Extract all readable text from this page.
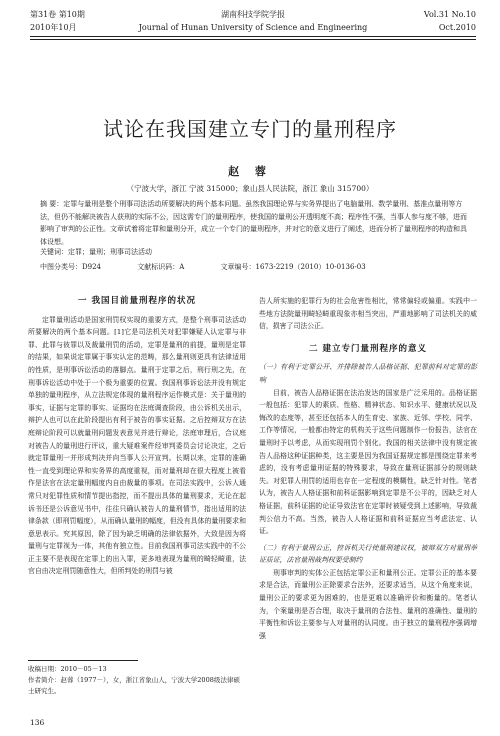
第31卷 第10期
2010年10月
湖南科技学院学报
Journal of Hunan University of Science and Engineering
Vol.31 No.10
Oct.2010
试论在我国建立专门的量刑程序
赵 蓉
（宁波大学，浙江 宁波 315000；象山县人民法院，浙江 象山 315700）

摘 要：定罪与量刑是整个刑事司法活动所要解决的两个基本问题。虽然我国理论界与实务界提出了电脑量刑、数学量刑、基准点量刑等方法，但仍不能解决被告人获刑的实际不公，因这需专门的量刑程序，使我国的量刑公开透明度不高；程序性不强，当事人参与度不够，进而影响了审判的公正性。文章试着将定罪和量刑分开，成立一个专门的量刑程序，并对它的意义进行了阐述，进而分析了量刑程序的构造和具体设想。

关键词：定罪；量刑；刑事司法活动
中图分类号：D924	文献标识码：A	文章编号：1673-2219（2010）10-0136-03
一 我国目前量刑程序的状况

定罪量刑活动是国家刑罚权实现的重要方式，是整个刑事司法活动所要解决的两个基本问题。[1]它是司法机关对犯罪嫌疑人认定罪与非罪、此罪与彼罪以及裁量刑罚的活动，定罪是量刑的前提，量刑是定罪的结果，如果说定罪属于事实认定的范畴，那么量刑则更具有法律适用的性质，是刑事诉讼活动的落脚点。量刑于定罪之后，刑行刑之先，在刑事诉讼活动中处于一个极为重要的位置。我国刑事诉讼法并没有规定单独的量刑程序，从立法规定体现的量刑程序运作模式是：关于量刑的事实，证据与定罪的事实、证据均在法庭调查阶段，由公诉机关出示，辩护人也可以在此阶段提出有利于被告的事实证据。之后控辩双方在法庭辩论阶段可以就量刑问题发表意见并进行辩论，法庭审理后，合议庭对被告人的量刑进行评议，重大疑难案件经审判委员会讨论决定，之后就定罪量刑一并形成判决并向当事人公开宣判。长期以来，定罪的准确性一直受到理论界和实务界的高度重视，而对量刑却在很大程度上被看作是法官在法定量刑幅度内自由裁量的事项。在司法实践中，公诉人通常只对犯罪性质和情节提出指控，而不提出具体的量刑要求，无论在起诉书还是公诉意见书中，往往只确认被告人的量刑情节，指出适用的法律条款（即刑罚幅度），从而确认量刑的幅度，但没有具体的量刑要求和意思表示。究其原因，除了因为缺乏明确的法律依据外，大致是因为将量刑与定罪视为一体，其他有独立性。目前我国刑事司法实践中的不公正主要不是表现在定罪上的出入罪，更多地表现为量刑的畸轻畸重，法官自由决定刑罚随意性大，但所判处的刑罚与被

告人所实施的犯罪行为的社会危害性相比，常常偏轻或偏重。实践中一些地方法院量刑畸轻畸重现象亦相当突出，严重地影响了司法机关的威信，损害了司法公正。

二 建立专门量刑程序的意义
（一）有利于定罪公开、并排除被告人品格证据、犯罪前科对定罪的影响

目前，被告人品格证据在法治发达的国家是广泛采用的。品格证据一般包括：犯罪人的素质、性格、精神状态、知识水平、健康状况以及悔改的态度等，甚至还包括本人的生育史、家族、近邻、学校、同学、工作等情况，一般都由特定的机构关于这些问题制作一份报告，法官在量刑时予以考虑，从而实现刑罚个别化。我国的相关法律中没有规定被告人品格这种证据种类，这主要是因为我国证据规定都是围绕定罪来考虑的，没有考虑量刑证据的特殊要求，导致在量刑证据部分的规则缺失。对犯罪人刑罚的适用也存在一定程度的模糊性，缺乏针对性。笔者认为，被告人人格证据和前科证据影响到定罪是不公平的，因缺乏对人格证据，前科证据的论证导致法官在定罪时被疑受到上述影响，导致裁判公信力不高。当然，被告人人格证据和前科证据应当考虑法定、认证。

（二）有利于量刑公正，控诉机关行使量刑建议权，被辩双方对量刑举证质证，法官量刑裁判权要受制约

刑事审判的实体公正包括定罪公正和量刑公正。定罪公正的基本要求是合法，而量刑公正除要求合法外，还要求适当，从这个角度来说，量刑公正的要求更为困难的，也是更难以准确评价和衡量的。笔者认为，个案量刑是否合理，取决于量刑的合法性、量刑的准确性、量刑的平衡性和诉讼主要参与人对量刑的认同度。由于独立的量刑程序强调增强

收稿日期：2010－05－13

作者简介：赵蓉（1977－），女，浙江省象山人，宁波大学2008级法律硕士研究生。

136
